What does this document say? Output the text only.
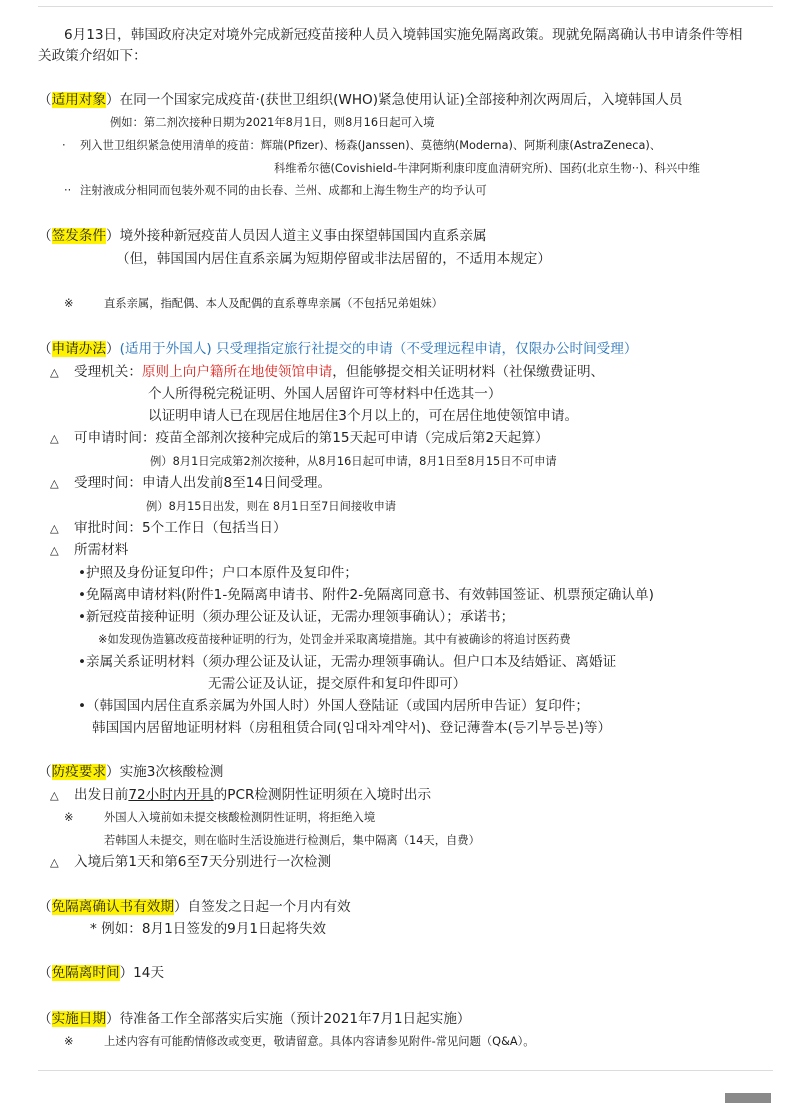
6月13日，韩国政府决定对境外完成新冠疫苗接种人员入境韩国实施免隔离政策。现就免隔离确认书申请条件等相
关政策介绍如下：
（适用对象）在同一个国家完成疫苗·(获世卫组织(WHO)紧急使用认证)全部接种剂次两周后，入境韩国人员
例如：第二剂次接种日期为2021年8月1日，则8月16日起可入境
· 列入世卫组织紧急使用清单的疫苗：辉瑞(Pfizer)、杨森(Janssen)、莫德纳(Moderna)、阿斯利康(AstraZeneca)、
科维希尔德(Covishield-牛津阿斯利康印度血清研究所)、国药(北京生物··)、科兴中维
·· 注射液成分相同而包装外观不同的由长春、兰州、成都和上海生物生产的均予认可
（签发条件）境外接种新冠疫苗人员因人道主义事由探望韩国国内直系亲属
（但，韩国国内居住直系亲属为短期停留或非法居留的，不适用本规定）
※	直系亲属，指配偶、本人及配偶的直系尊卑亲属（不包括兄弟姐妹）
（申请办法）(适用于外国人) 只受理指定旅行社提交的申请（不受理远程申请，仅限办公时间受理）
△ 受理机关：原则上向户籍所在地使领馆申请，但能够提交相关证明材料（社保缴费证明、
个人所得税完税证明、外国人居留许可等材料中任选其一）
以证明申请人已在现居住地居住3个月以上的，可在居住地使领馆申请。
△ 可申请时间：疫苗全部剂次接种完成后的第15天起可申请（完成后第2天起算）
例）8月1日完成第2剂次接种，从8月16日起可申请，8月1日至8月15日不可申请
△ 受理时间：申请人出发前8至14日间受理。
例）8月15日出发，则在 8月1日至7日间接收申请
△ 审批时间：5个工作日（包括当日）
△ 所需材料
•护照及身份证复印件；户口本原件及复印件；
•免隔离申请材料(附件1-免隔离申请书、附件2-免隔离同意书、有效韩国签证、机票预定确认单)
•新冠疫苗接种证明（须办理公证及认证，无需办理领事确认）；承诺书；
※如发现伪造篡改疫苗接种证明的行为，处罚金并采取离境措施。其中有被确诊的将追讨医药费
•亲属关系证明材料（须办理公证及认证，无需办理领事确认。但户口本及结婚证、离婚证
无需公证及认证，提交原件和复印件即可）
•（韩国国内居住直系亲属为外国人时）外国人登陆证（或国内居所申告证）复印件；
韩国国内居留地证明材料（房租租赁合同(임대차계약서)、登记薄誊本(등기부등본)等）
（防疫要求）实施3次核酸检测
△ 出发日前72小时内开具的PCR检测阴性证明须在入境时出示
※	外国人入境前如未提交核酸检测阴性证明，将拒绝入境
若韩国人未提交，则在临时生活设施进行检测后，集中隔离（14天，自费）
△ 入境后第1天和第6至7天分别进行一次检测
（免隔离确认书有效期）自签发之日起一个月内有效
* 例如：8月1日签发的9月1日起将失效
（免隔离时间）14天
（实施日期）待准备工作全部落实后实施（预计2021年7月1日起实施）
※	上述内容有可能酌情修改或变更，敬请留意。具体内容请参见附件-常见问题（Q&A）。
